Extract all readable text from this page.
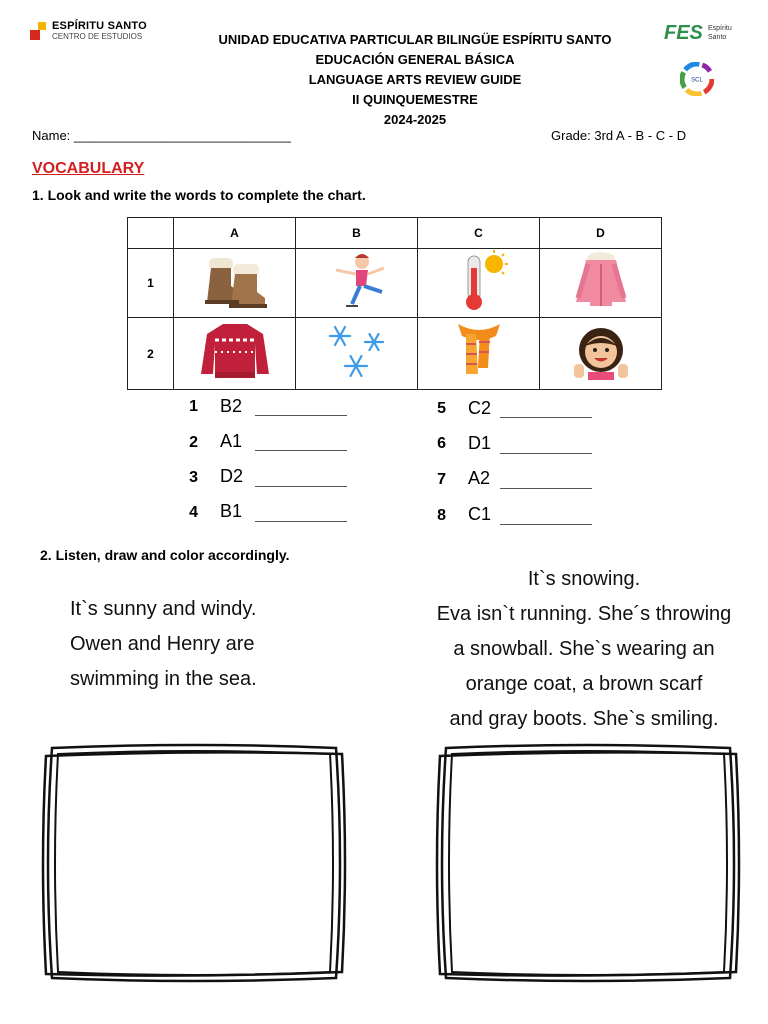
ESPÍRITU SANTO
CENTRO DE ESTUDIOS	FES Espíritu Santo
SCL
UNIDAD EDUCATIVA PARTICULAR BILINGÜE ESPÍRITU SANTO
EDUCACIÓN GENERAL BÁSICA
LANGUAGE ARTS REVIEW GUIDE
II QUINQUEMESTRE
2024-2025
Name: ______________________________	Grade: 3rd A - B - C - D
VOCABULARY
1. Look and write the words to complete the chart.
	A	B	C	D
1				
2				
1 B2
2 A1
3 D2
4 B1
5 C2
6 D1
7 A2
8 C1
2. Listen, draw and color accordingly.
It`s sunny and windy.
Owen and Henry are
swimming in the sea.
It`s snowing.
Eva isn`t running. She´s throwing
a snowball. She`s wearing an
orange coat, a brown scarf
and gray boots. She`s smiling.
